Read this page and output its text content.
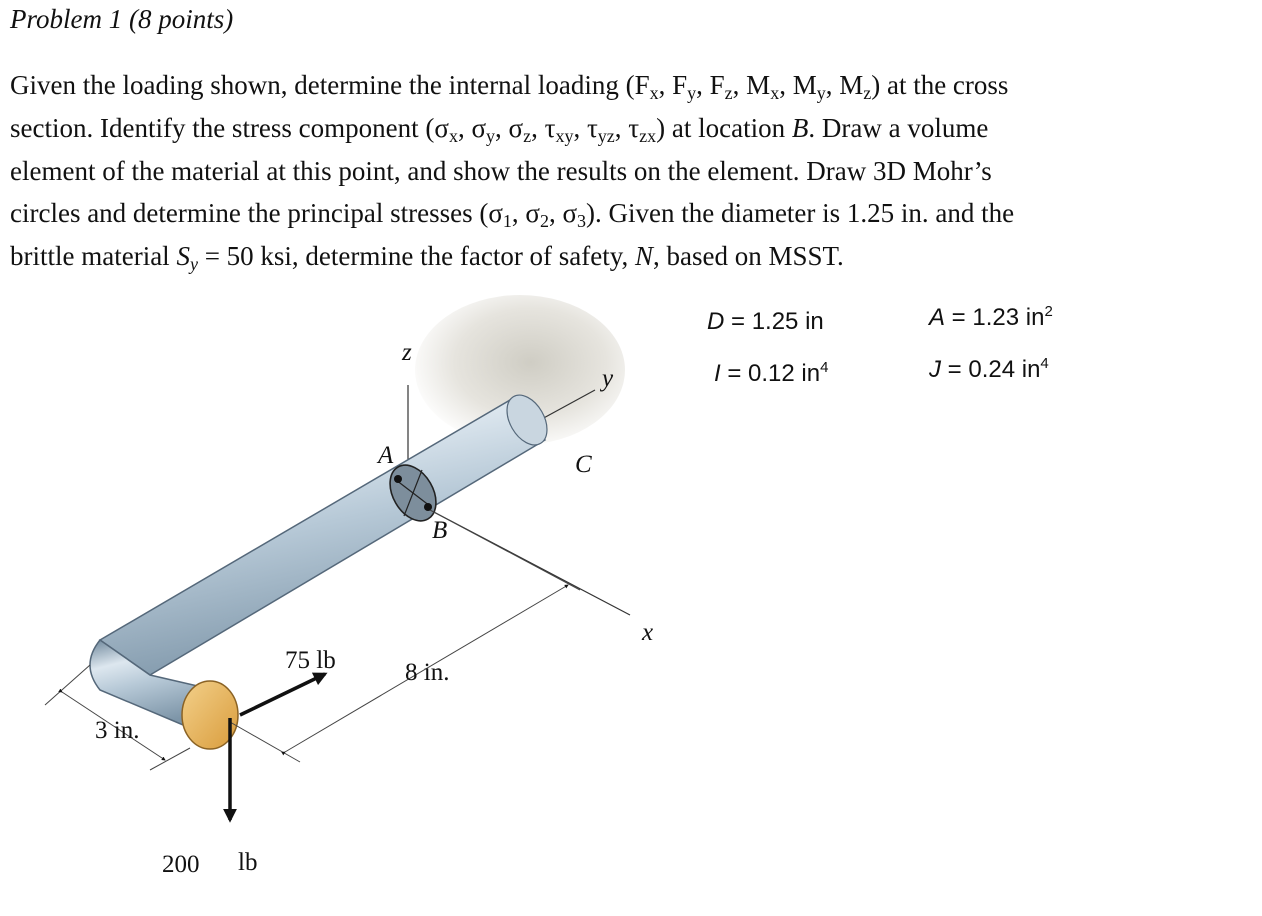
Problem 1 (8 points)
Given the loading shown, determine the internal loading ($F_x$, $F_y$, $F_z$, $M_x$, $M_y$, $M_z$) at the cross
section. Identify the stress component ($\sigma_x$, $\sigma_y$, $\sigma_z$, $\tau_{xy}$, $\tau_{yz}$, $\tau_{zx}$) at location B. Draw a volume
element of the material at this point, and show the results on the element. Draw 3D Mohr’s
circles and determine the principal stresses ($\sigma_1$, $\sigma_2$, $\sigma_3$). Given the diameter is 1.25 in. and the
brittle material $S_y = 50$ ksi, determine the factor of safety, N, based on MSST.
D = 1.25 in	A = 1.23 $in^2$
I = 0.12 $in^4$	J = 0.24 $in^4$
z
y
x
A
B
C
8 in.
3 in.
75 lb
200 lb
